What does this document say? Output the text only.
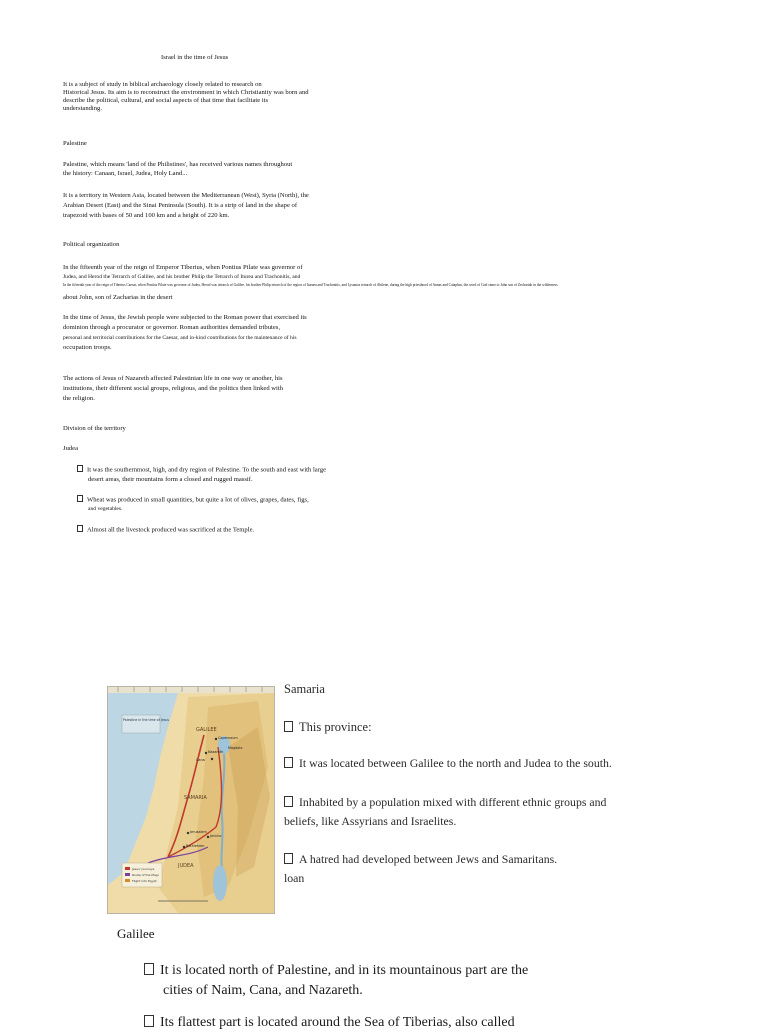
Israel in the time of Jesus
It is a subject of study in biblical archaeology closely related to research on
Historical Jesus. Its aim is to reconstruct the environment in which Christianity was born and
describe the political, cultural, and social aspects of that time that facilitate its
understanding.
Palestine
Palestine, which means 'land of the Philistines', has received various names throughout
the history: Canaan, Israel, Judea, Holy Land...
It is a territory in Western Asia, located between the Mediterranean (West), Syria (North), the
Arabian Desert (East) and the Sinai Peninsula (South). It is a strip of land in the shape of
trapezoid with bases of 50 and 100 km and a height of 220 km.
Political organization
In the fifteenth year of the reign of Emperor Tiberius, when Pontius Pilate was governor of
Judea, and Herod the Tetrarch of Galilee, and his brother Philip the Tetrarch of Iturea and Trachonitis, and
In the fifteenth year of the reign of Tiberius Caesar, when Pontius Pilate was governor of Judea, Herod was tetrarch of Galilee, his brother Philip tetrarch of the region of Ituraea and Trachonitis, and Lysanias tetrarch of Abilene, during the high priesthood of Annas and Caiaphas, the word of God came to John son of Zechariah in the wilderness.
about John, son of Zacharias in the desert
In the time of Jesus, the Jewish people were subjected to the Roman power that exercised its
dominion through a procurator or governor. Roman authorities demanded tributes,
personal and territorial contributions for the Caesar, and in-kind contributions for the maintenance of his
occupation troops.
The actions of Jesus of Nazareth affected Palestinian life in one way or another, his
institutions, their different social groups, religious, and the politics then linked with
the religion.
Division of the territory
Judea
It was the southernmost, high, and dry region of Palestine. To the south and east with large
desert areas, their mountains form a closed and rugged massif.
Wheat was produced in small quantities, but quite a lot of olives, grapes, dates, figs,
and vegetables.
Almost all the livestock produced was sacrificed at the Temple.
GALILEE
SAMARIA
JUDEA
Nazareth
Jerusalem
Bethlehem
Capernaum
Jericho
Magdala
Cana
Jesus' journeys
Route of the Magi
Flight into Egypt
Palestine in the time of Jesus
Samaria
This province:
It was located between Galilee to the north and Judea to the south.
Inhabited by a population mixed with different ethnic groups and
beliefs, like Assyrians and Israelites.
A hatred had developed between Jews and Samaritans.
loan
Galilee
It is located north of Palestine, and in its mountainous part are the
cities of Naim, Cana, and Nazareth.
Its flattest part is located around the Sea of Tiberias, also called
